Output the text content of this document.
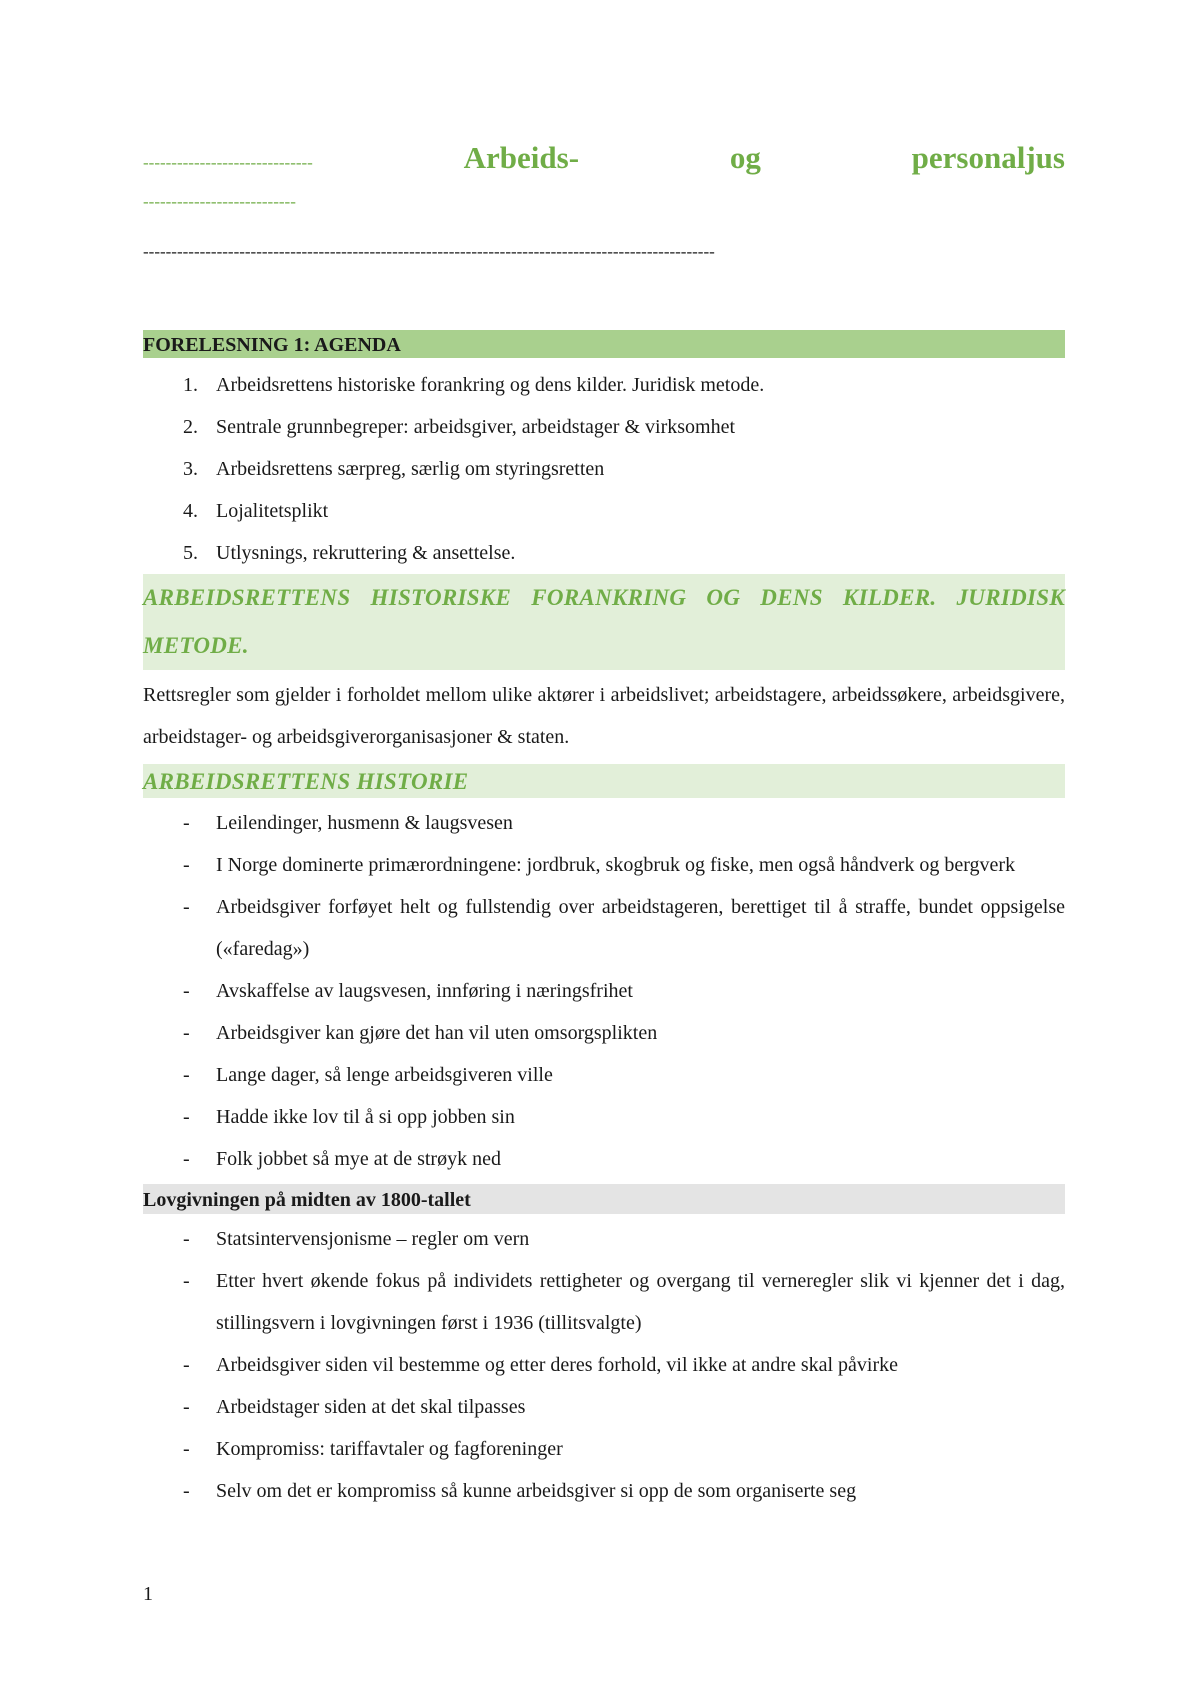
------------------------------	Arbeids-	og	personaljus
---------------------------
-----------------------------------------------------------------------------------------------------
FORELESNING 1: AGENDA
1. Arbeidsrettens historiske forankring og dens kilder. Juridisk metode.
2. Sentrale grunnbegreper: arbeidsgiver, arbeidstager & virksomhet
3. Arbeidsrettens særpreg, særlig om styringsretten
4. Lojalitetsplikt
5. Utlysnings, rekruttering & ansettelse.
ARBEIDSRETTENS HISTORISKE FORANKRING OG DENS KILDER. JURIDISK METODE.
Rettsregler som gjelder i forholdet mellom ulike aktører i arbeidslivet; arbeidstagere, arbeidssøkere, arbeidsgivere, arbeidstager- og arbeidsgiverorganisasjoner & staten.
ARBEIDSRETTENS HISTORIE
-	Leilendinger, husmenn & laugsvesen
-	I Norge dominerte primærordningene: jordbruk, skogbruk og fiske, men også håndverk og bergverk
-	Arbeidsgiver forføyet helt og fullstendig over arbeidstageren, berettiget til å straffe, bundet oppsigelse («faredag»)
-	Avskaffelse av laugsvesen, innføring i næringsfrihet
-	Arbeidsgiver kan gjøre det han vil uten omsorgsplikten
-	Lange dager, så lenge arbeidsgiveren ville
-	Hadde ikke lov til å si opp jobben sin
-	Folk jobbet så mye at de strøyk ned
Lovgivningen på midten av 1800-tallet
-	Statsintervensjonisme – regler om vern
-	Etter hvert økende fokus på individets rettigheter og overgang til verneregler slik vi kjenner det i dag, stillingsvern i lovgivningen først i 1936 (tillitsvalgte)
-	Arbeidsgiver siden vil bestemme og etter deres forhold, vil ikke at andre skal påvirke
-	Arbeidstager siden at det skal tilpasses
-	Kompromiss: tariffavtaler og fagforeninger
-	Selv om det er kompromiss så kunne arbeidsgiver si opp de som organiserte seg
1
